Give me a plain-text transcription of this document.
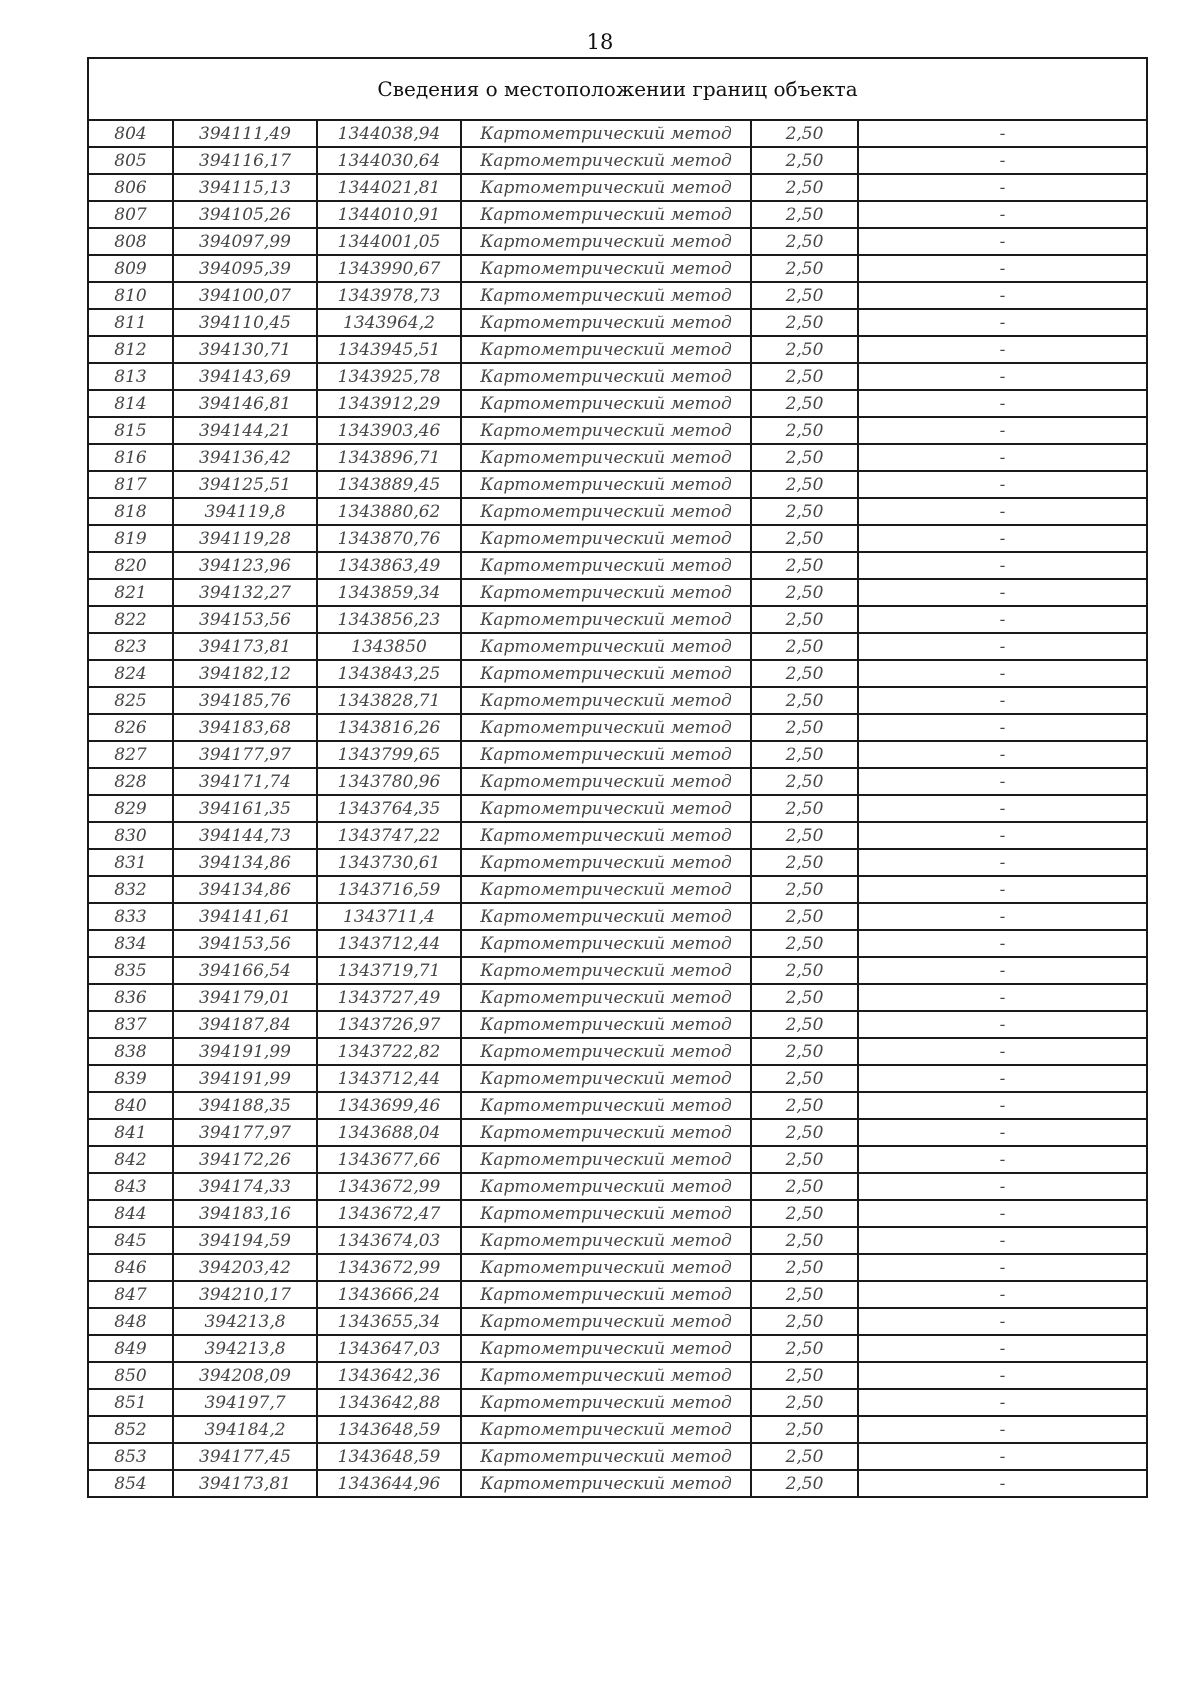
18
Сведения о местоположении границ объекта					
804	394111,49	1344038,94	Картометрический метод	2,50	-
805	394116,17	1344030,64	Картометрический метод	2,50	-
806	394115,13	1344021,81	Картометрический метод	2,50	-
807	394105,26	1344010,91	Картометрический метод	2,50	-
808	394097,99	1344001,05	Картометрический метод	2,50	-
809	394095,39	1343990,67	Картометрический метод	2,50	-
810	394100,07	1343978,73	Картометрический метод	2,50	-
811	394110,45	1343964,2	Картометрический метод	2,50	-
812	394130,71	1343945,51	Картометрический метод	2,50	-
813	394143,69	1343925,78	Картометрический метод	2,50	-
814	394146,81	1343912,29	Картометрический метод	2,50	-
815	394144,21	1343903,46	Картометрический метод	2,50	-
816	394136,42	1343896,71	Картометрический метод	2,50	-
817	394125,51	1343889,45	Картометрический метод	2,50	-
818	394119,8	1343880,62	Картометрический метод	2,50	-
819	394119,28	1343870,76	Картометрический метод	2,50	-
820	394123,96	1343863,49	Картометрический метод	2,50	-
821	394132,27	1343859,34	Картометрический метод	2,50	-
822	394153,56	1343856,23	Картометрический метод	2,50	-
823	394173,81	1343850	Картометрический метод	2,50	-
824	394182,12	1343843,25	Картометрический метод	2,50	-
825	394185,76	1343828,71	Картометрический метод	2,50	-
826	394183,68	1343816,26	Картометрический метод	2,50	-
827	394177,97	1343799,65	Картометрический метод	2,50	-
828	394171,74	1343780,96	Картометрический метод	2,50	-
829	394161,35	1343764,35	Картометрический метод	2,50	-
830	394144,73	1343747,22	Картометрический метод	2,50	-
831	394134,86	1343730,61	Картометрический метод	2,50	-
832	394134,86	1343716,59	Картометрический метод	2,50	-
833	394141,61	1343711,4	Картометрический метод	2,50	-
834	394153,56	1343712,44	Картометрический метод	2,50	-
835	394166,54	1343719,71	Картометрический метод	2,50	-
836	394179,01	1343727,49	Картометрический метод	2,50	-
837	394187,84	1343726,97	Картометрический метод	2,50	-
838	394191,99	1343722,82	Картометрический метод	2,50	-
839	394191,99	1343712,44	Картометрический метод	2,50	-
840	394188,35	1343699,46	Картометрический метод	2,50	-
841	394177,97	1343688,04	Картометрический метод	2,50	-
842	394172,26	1343677,66	Картометрический метод	2,50	-
843	394174,33	1343672,99	Картометрический метод	2,50	-
844	394183,16	1343672,47	Картометрический метод	2,50	-
845	394194,59	1343674,03	Картометрический метод	2,50	-
846	394203,42	1343672,99	Картометрический метод	2,50	-
847	394210,17	1343666,24	Картометрический метод	2,50	-
848	394213,8	1343655,34	Картометрический метод	2,50	-
849	394213,8	1343647,03	Картометрический метод	2,50	-
850	394208,09	1343642,36	Картометрический метод	2,50	-
851	394197,7	1343642,88	Картометрический метод	2,50	-
852	394184,2	1343648,59	Картометрический метод	2,50	-
853	394177,45	1343648,59	Картометрический метод	2,50	-
854	394173,81	1343644,96	Картометрический метод	2,50	-
